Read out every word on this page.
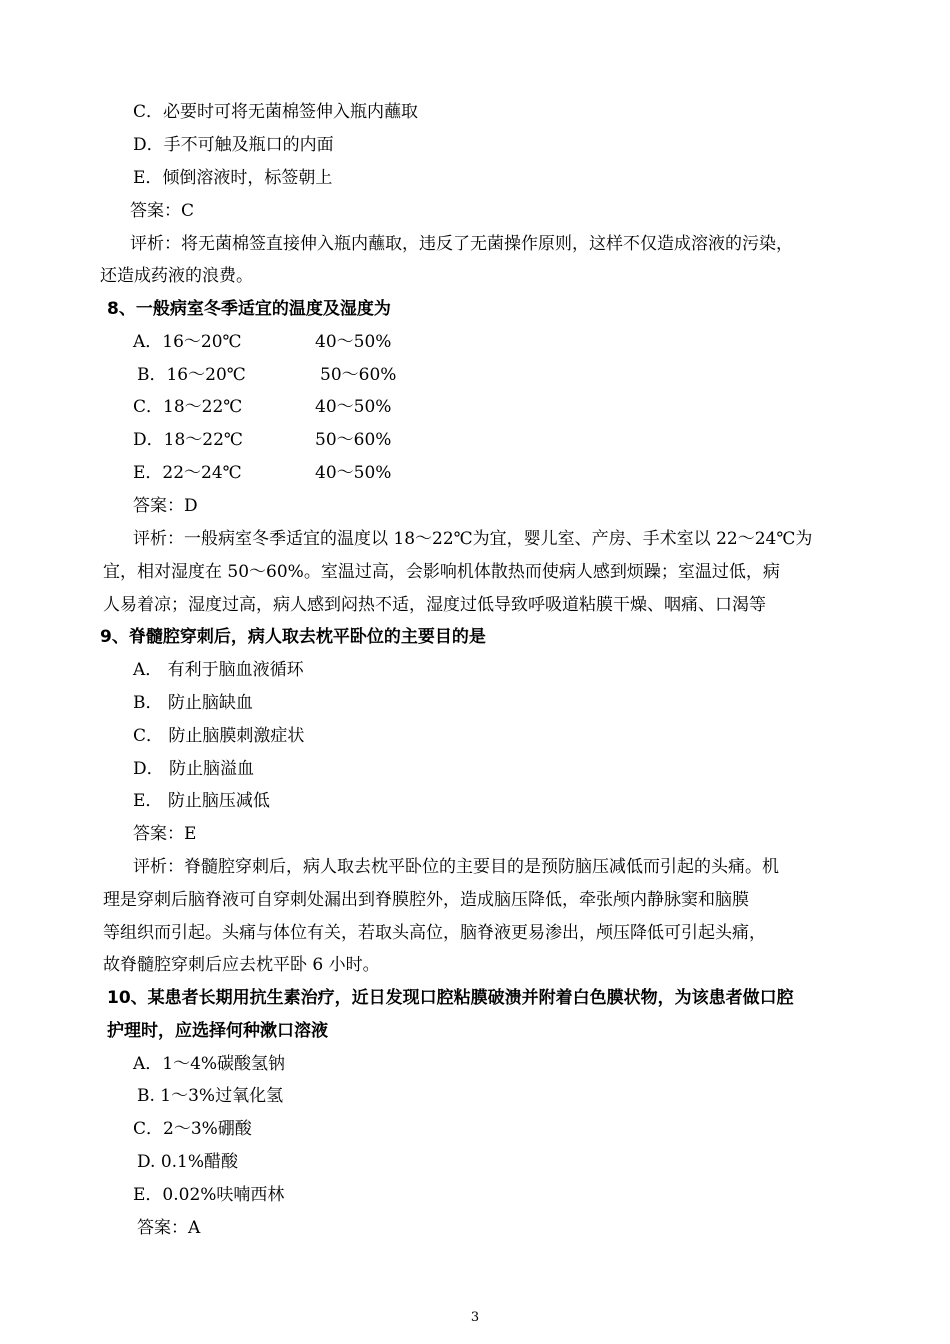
C．必要时可将无菌棉签伸入瓶内蘸取
D．手不可触及瓶口的内面
E．倾倒溶液时，标签朝上
答案：C
评析：将无菌棉签直接伸入瓶内蘸取，违反了无菌操作原则，这样不仅造成溶液的污染，
还造成药液的浪费。
8、一般病室冬季适宜的温度及湿度为
A．16～20℃	40～50%
B．16～20℃	50～60%
C．18～22℃	40～50%
D．18～22℃	50～60%
E．22～24℃	40～50%
答案：D
评析：一般病室冬季适宜的温度以 18～22℃为宜，婴儿室、产房、手术室以 22～24℃为
宜，相对湿度在 50～60%。室温过高，会影响机体散热而使病人感到烦躁；室温过低，病
人易着凉；湿度过高，病人感到闷热不适，湿度过低导致呼吸道粘膜干燥、咽痛、口渴等
9、脊髓腔穿刺后，病人取去枕平卧位的主要目的是
A． 有利于脑血液循环
B． 防止脑缺血
C． 防止脑膜刺激症状
D． 防止脑溢血
E． 防止脑压减低
答案：E
评析：脊髓腔穿刺后，病人取去枕平卧位的主要目的是预防脑压减低而引起的头痛。机
理是穿刺后脑脊液可自穿刺处漏出到脊膜腔外，造成脑压降低，牵张颅内静脉窦和脑膜
等组织而引起。头痛与体位有关，若取头高位，脑脊液更易渗出，颅压降低可引起头痛，
故脊髓腔穿刺后应去枕平卧 6 小时。
10、某患者长期用抗生素治疗，近日发现口腔粘膜破溃并附着白色膜状物，为该患者做口腔
护理时，应选择何种漱口溶液
A．1～4%碳酸氢钠
B. 1～3%过氧化氢
C．2～3%硼酸
D. 0.1%醋酸
E．0.02%呋喃西林
答案：A
3
